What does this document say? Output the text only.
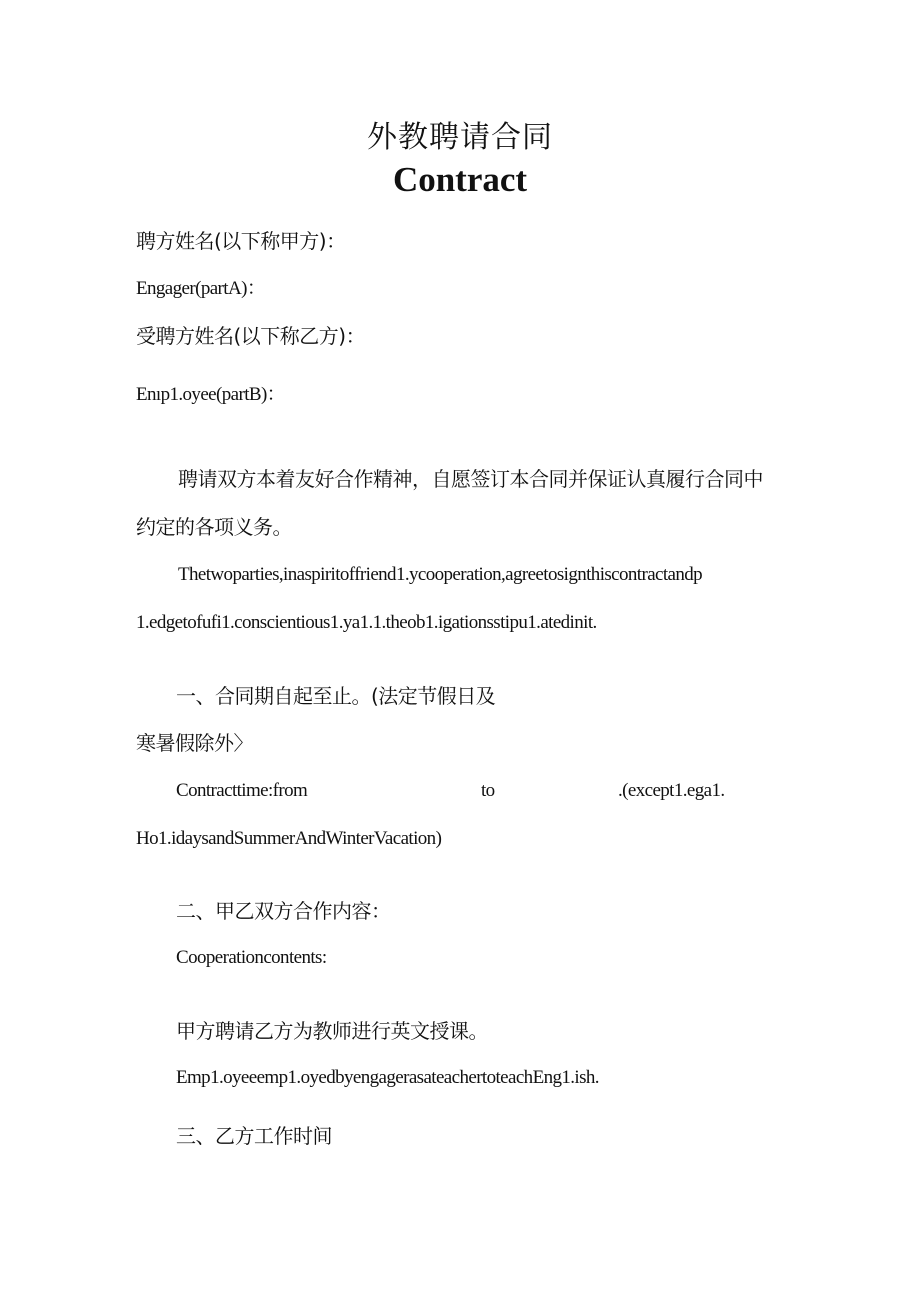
外教聘请合同
Contract
聘方姓名(以下称甲方)：
Engager(partA)：
受聘方姓名(以下称乙方)：
Enıp1.oyee(partB)：
聘请双方本着友好合作精神，自愿签订本合同并保证认真履行合同中
约定的各项义务。
Thetwoparties,inaspiritoffriend1.ycooperation,agreetosignthiscontractandp
1.edgetofufi1.conscientious1.ya1.1.theob1.igationsstipu1.atedinit.
一、合同期自起至止。(法定节假日及
寒暑假除外〉
Contracttime:from	to	.(except1.ega1.
Ho1.idaysandSummerAndWinterVacation)
二、甲乙双方合作内容：
Cooperationcontents:
甲方聘请乙方为教师进行英文授课。
Emp1.oyeeemp1.oyedbyengagerasateachertoteachEng1.ish.
三、乙方工作时间
